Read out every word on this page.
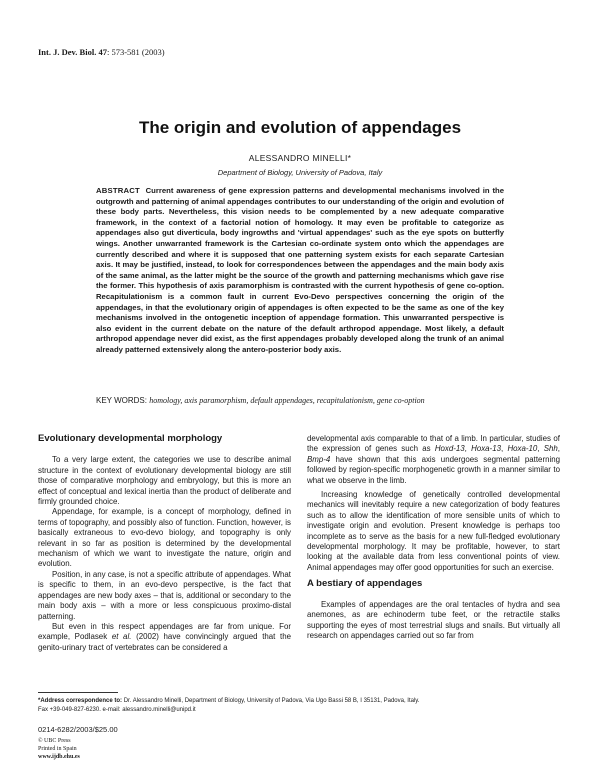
Int. J. Dev. Biol. 47: 573-581 (2003)
The origin and evolution of appendages
ALESSANDRO MINELLI*
Department of Biology, University of Padova, Italy
ABSTRACT Current awareness of gene expression patterns and developmental mechanisms involved in the outgrowth and patterning of animal appendages contributes to our understanding of the origin and evolution of these body parts. Nevertheless, this vision needs to be complemented by a new adequate comparative framework, in the context of a factorial notion of homology. It may even be profitable to categorize as appendages also gut diverticula, body ingrowths and 'virtual appendages' such as the eye spots on butterfly wings. Another unwarranted framework is the Cartesian co-ordinate system onto which the appendages are currently described and where it is supposed that one patterning system exists for each separate Cartesian axis. It may be justified, instead, to look for correspondences between the appendages and the main body axis of the same animal, as the latter might be the source of the growth and patterning mechanisms which gave rise the former. This hypothesis of axis paramorphism is contrasted with the current hypothesis of gene co-option. Recapitulationism is a common fault in current Evo-Devo perspectives concerning the origin of the appendages, in that the evolutionary origin of appendages is often expected to be the same as one of the key mechanisms involved in the ontogenetic inception of appendage formation. This unwarranted perspective is also evident in the current debate on the nature of the default arthropod appendage. Most likely, a default arthropod appendage never did exist, as the first appendages probably developed along the trunk of an animal already patterned extensively along the antero-posterior body axis.
KEY WORDS: homology, axis paramorphism, default appendages, recapitulationism, gene co-option
Evolutionary developmental morphology

To a very large extent, the categories we use to describe animal structure in the context of evolutionary developmental biology are still those of comparative morphology and embryology, but this is more an effect of conceptual and lexical inertia than the product of deliberate and firmly grounded choice.

Appendage, for example, is a concept of morphology, defined in terms of topography, and possibly also of function. Function, however, is basically extraneous to evo-devo biology, and topography is only relevant in so far as position is determined by the developmental mechanism of which we want to investigate the nature, origin and evolution.

Position, in any case, is not a specific attribute of appendages. What is specific to them, in an evo-devo perspective, is the fact that appendages are new body axes – that is, additional or secondary to the main body axis – with a more or less conspicuous proximo-distal patterning.

But even in this respect appendages are far from unique. For example, Podlasek et al. (2002) have convincingly argued that the genito-urinary tract of vertebrates can be considered a

developmental axis comparable to that of a limb. In particular, studies of the expression of genes such as Hoxd-13, Hoxa-13, Hoxa-10, Shh, Bmp-4 have shown that this axis undergoes segmental patterning followed by region-specific morphogenetic growth in a manner similar to what we observe in the limb.

Increasing knowledge of genetically controlled developmental mechanics will inevitably require a new categorization of body features such as to allow the identification of more sensible units of which to investigate origin and evolution. Present knowledge is perhaps too incomplete as to serve as the basis for a new full-fledged evolutionary developmental morphology. It may be profitable, however, to start looking at the available data from less conventional points of view. Animal appendages may offer good opportunities for such an exercise.

A bestiary of appendages

Examples of appendages are the oral tentacles of hydra and sea anemones, as are echinoderm tube feet, or the retractile stalks supporting the eyes of most terrestrial slugs and snails. But virtually all research on appendages carried out so far from

*Address correspondence to: Dr. Alessandro Minelli, Department of Biology, University of Padova, Via Ugo Bassi 58 B, I 35131, Padova, Italy.
Fax +39-049-827-6230. e-mail: alessandro.minelli@unipd.it
0214-6282/2003/$25.00
© UBC Press
Printed in Spain
www.ijdb.ehu.es
